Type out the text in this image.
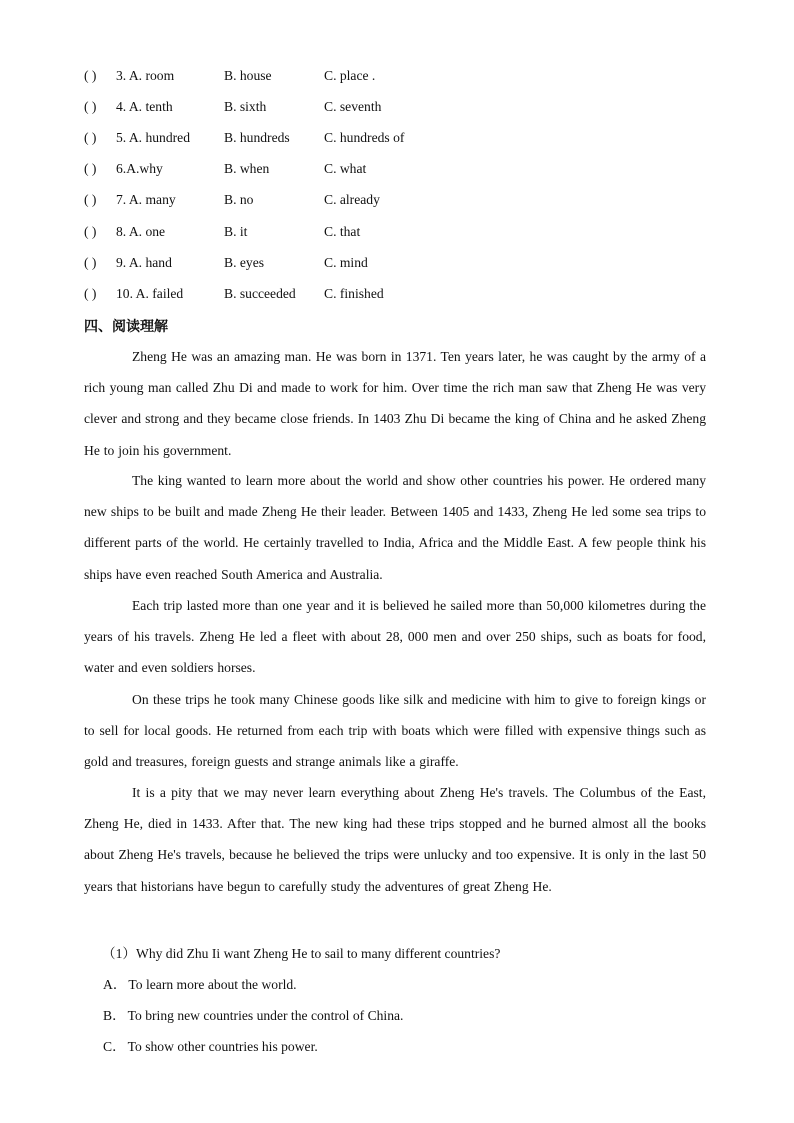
( ) 3. A. room	B. house	C. place .
( ) 4. A. tenth	B. sixth	C. seventh
( ) 5. A. hundred B. hundreds	C. hundreds of
( ) 6.A.why	B. when	C. what
( ) 7. A. many	B. no	C. already
( ) 8. A. one	B. it	C. that
( ) 9. A. hand	B. eyes	C. mind
( ) 10. A. failed	B. succeeded C. finished
四、阅读理解

Zheng He was an amazing man. He was born in 1371. Ten years later, he was caught by the army of a rich young man called Zhu Di and made to work for him. Over time the rich man saw that Zheng He was very clever and strong and they became close friends. In 1403 Zhu Di became the king of China and he asked Zheng He to join his government.

The king wanted to learn more about the world and show other countries his power. He ordered many new ships to be built and made Zheng He their leader. Between 1405 and 1433, Zheng He led some sea trips to different parts of the world. He certainly travelled to India, Africa and the Middle East. A few people think his ships have even reached South America and Australia.

Each trip lasted more than one year and it is believed he sailed more than 50,000 kilometres during the years of his travels. Zheng He led a fleet with about 28, 000 men and over 250 ships, such as boats for food, water and even soldiers horses.

On these trips he took many Chinese goods like silk and medicine with him to give to foreign kings or to sell for local goods. He returned from each trip with boats which were filled with expensive things such as gold and treasures, foreign guests and strange animals like a giraffe.

It is a pity that we may never learn everything about Zheng He's travels. The Columbus of the East, Zheng He, died in 1433. After that. The new king had these trips stopped and he burned almost all the books about Zheng He's travels, because he believed the trips were unlucky and too expensive. It is only in the last 50 years that historians have begun to carefully study the adventures of great Zheng He.

（1）Why did Zhu Ii want Zheng He to sail to many different countries?
A． To learn more about the world.
B． To bring new countries under the control of China.
C． To show other countries his power.
